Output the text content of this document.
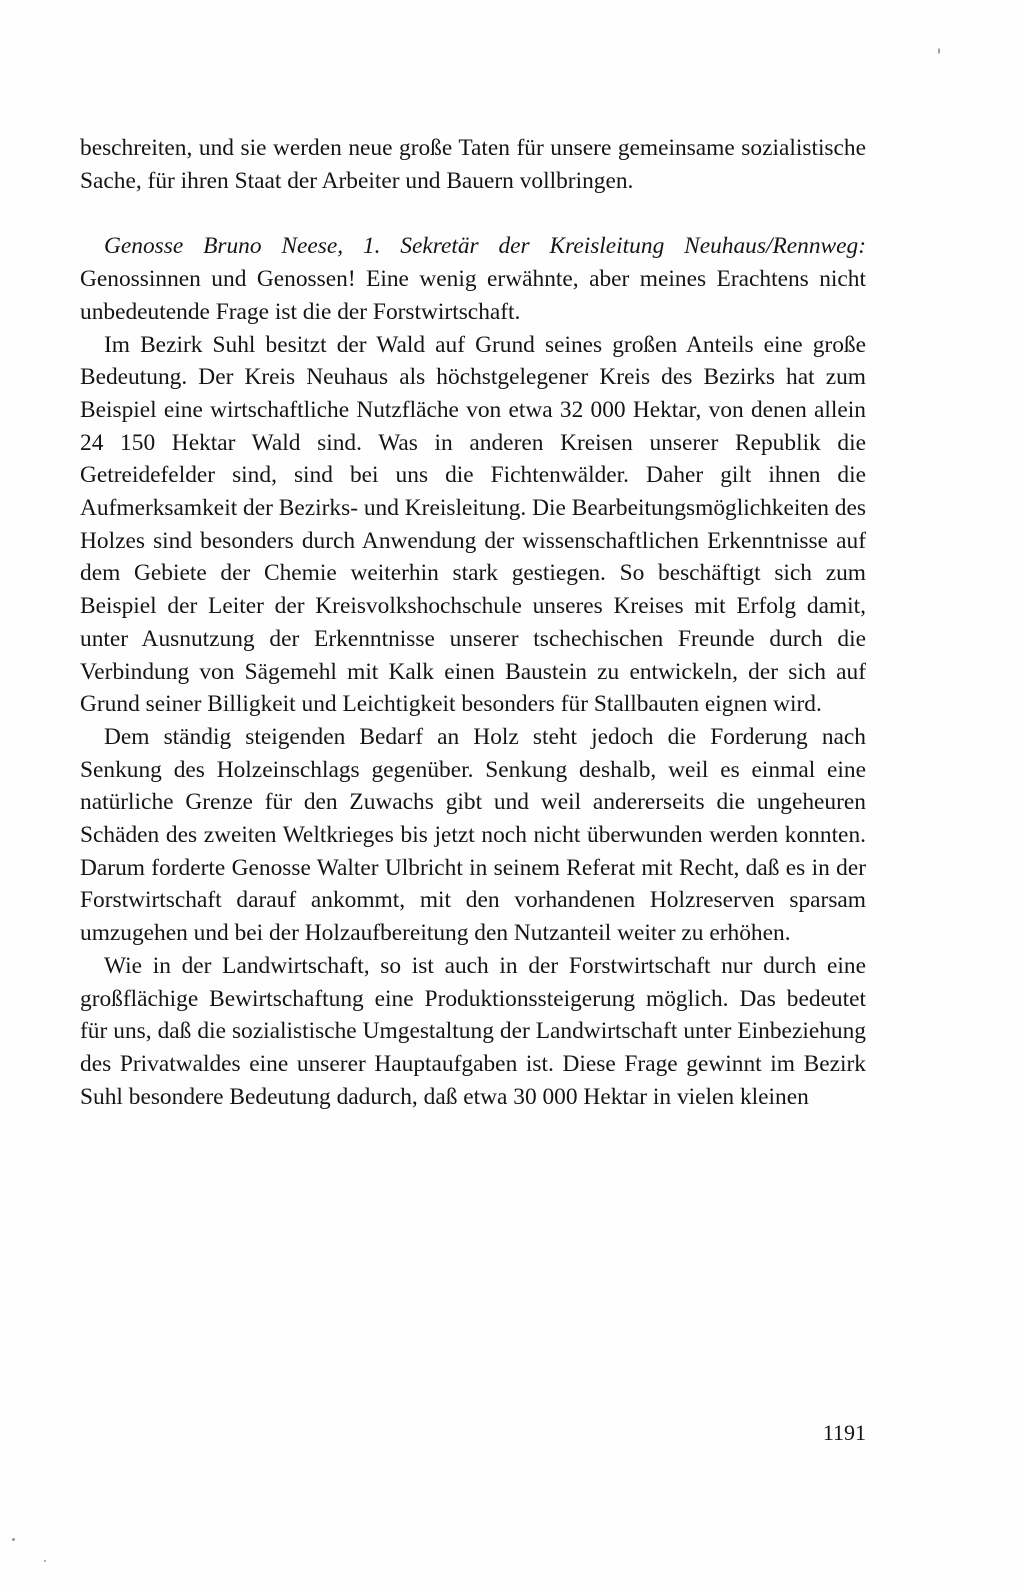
beschreiten, und sie werden neue große Taten für unsere gemeinsame sozialistische Sache, für ihren Staat der Arbeiter und Bauern vollbringen.

Genosse Bruno Neese, 1. Sekretär der Kreisleitung Neuhaus/Rennweg: Genossinnen und Genossen! Eine wenig erwähnte, aber meines Erachtens nicht unbedeutende Frage ist die der Forstwirtschaft.

Im Bezirk Suhl besitzt der Wald auf Grund seines großen Anteils eine große Bedeutung. Der Kreis Neuhaus als höchstgelegener Kreis des Bezirks hat zum Beispiel eine wirtschaftliche Nutzfläche von etwa 32 000 Hektar, von denen allein 24 150 Hektar Wald sind. Was in anderen Kreisen unserer Republik die Getreidefelder sind, sind bei uns die Fichtenwälder. Daher gilt ihnen die Aufmerksamkeit der Bezirks- und Kreisleitung. Die Bearbeitungsmöglichkeiten des Holzes sind besonders durch Anwendung der wissenschaftlichen Erkenntnisse auf dem Gebiete der Chemie weiterhin stark gestiegen. So beschäftigt sich zum Beispiel der Leiter der Kreisvolkshochschule unseres Kreises mit Erfolg damit, unter Ausnutzung der Erkenntnisse unserer tschechischen Freunde durch die Verbindung von Sägemehl mit Kalk einen Baustein zu entwickeln, der sich auf Grund seiner Billigkeit und Leichtigkeit besonders für Stallbauten eignen wird.

Dem ständig steigenden Bedarf an Holz steht jedoch die Forderung nach Senkung des Holzeinschlags gegenüber. Senkung deshalb, weil es einmal eine natürliche Grenze für den Zuwachs gibt und weil andererseits die ungeheuren Schäden des zweiten Weltkrieges bis jetzt noch nicht überwunden werden konnten. Darum forderte Genosse Walter Ulbricht in seinem Referat mit Recht, daß es in der Forstwirtschaft darauf ankommt, mit den vorhandenen Holzreserven sparsam umzugehen und bei der Holzaufbereitung den Nutzanteil weiter zu erhöhen.

Wie in der Landwirtschaft, so ist auch in der Forstwirtschaft nur durch eine großflächige Bewirtschaftung eine Produktionssteigerung möglich. Das bedeutet für uns, daß die sozialistische Umgestaltung der Landwirtschaft unter Einbeziehung des Privatwaldes eine unserer Hauptaufgaben ist. Diese Frage gewinnt im Bezirk Suhl besondere Bedeutung dadurch, daß etwa 30 000 Hektar in vielen kleinen

1191
